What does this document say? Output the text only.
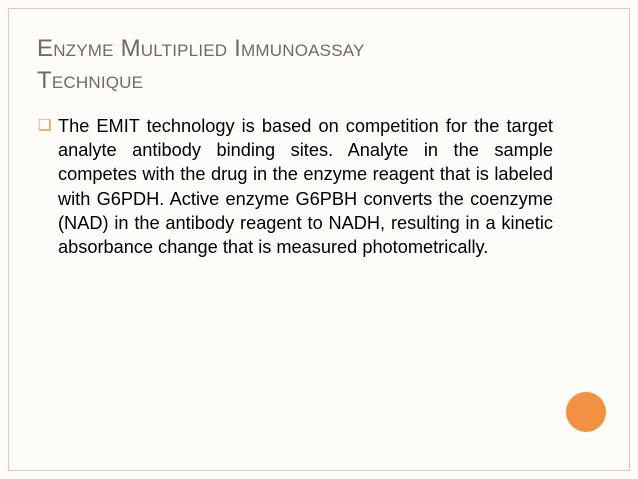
Enzyme Multiplied Immunoassay
Technique
❑ The EMIT technology is based on competition for the target analyte antibody binding sites. Analyte in the sample competes with the drug in the enzyme reagent that is labeled with G6PDH. Active enzyme G6PBH converts the coenzyme (NAD) in the antibody reagent to NADH, resulting in a kinetic absorbance change that is measured photometrically.
